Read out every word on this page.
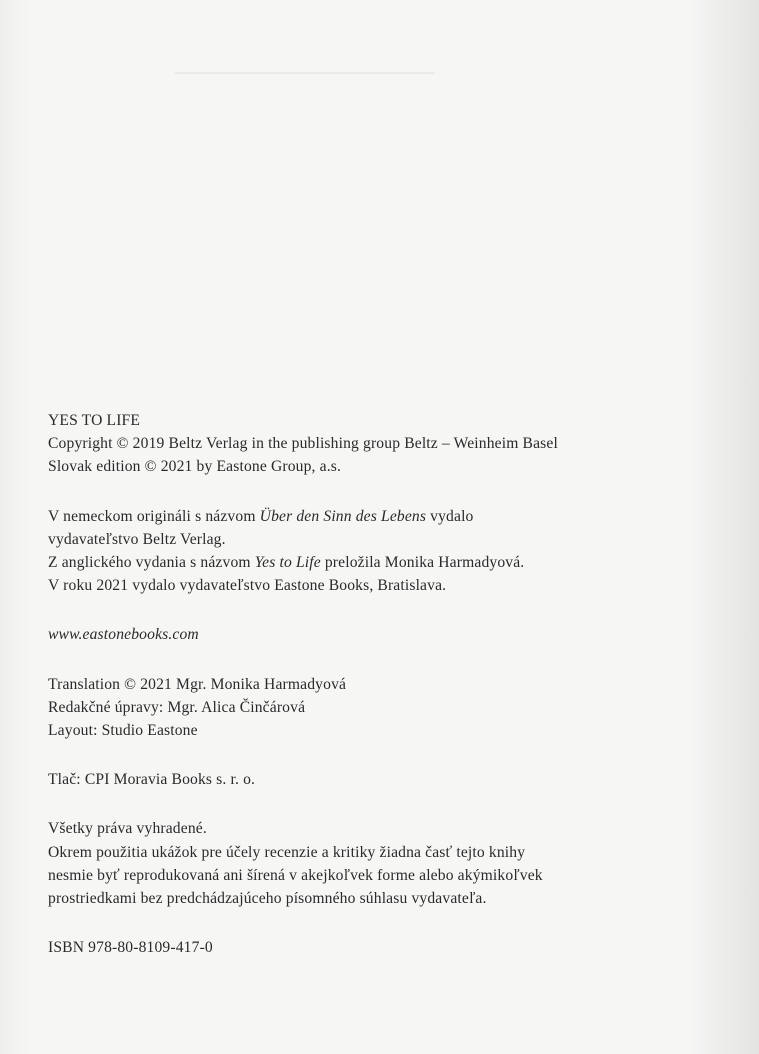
YES TO LIFE

Copyright © 2019 Beltz Verlag in the publishing group Beltz – Weinheim Basel

Slovak edition © 2021 by Eastone Group, a.s.

V nemeckom origináli s názvom Über den Sinn des Lebens vydalo

vydavateľstvo Beltz Verlag.

Z anglického vydania s názvom Yes to Life preložila Monika Harmadyová.

V roku 2021 vydalo vydavateľstvo Eastone Books, Bratislava.

www.eastonebooks.com

Translation © 2021 Mgr. Monika Harmadyová

Redakčné úpravy: Mgr. Alica Činčárová

Layout: Studio Eastone

Tlač: CPI Moravia Books s. r. o.

Všetky práva vyhradené.

Okrem použitia ukážok pre účely recenzie a kritiky žiadna časť tejto knihy

nesmie byť reprodukovaná ani šírená v akejkoľvek forme alebo akýmikoľvek

prostriedkami bez predchádzajúceho písomného súhlasu vydavateľa.

ISBN 978-80-8109-417-0
